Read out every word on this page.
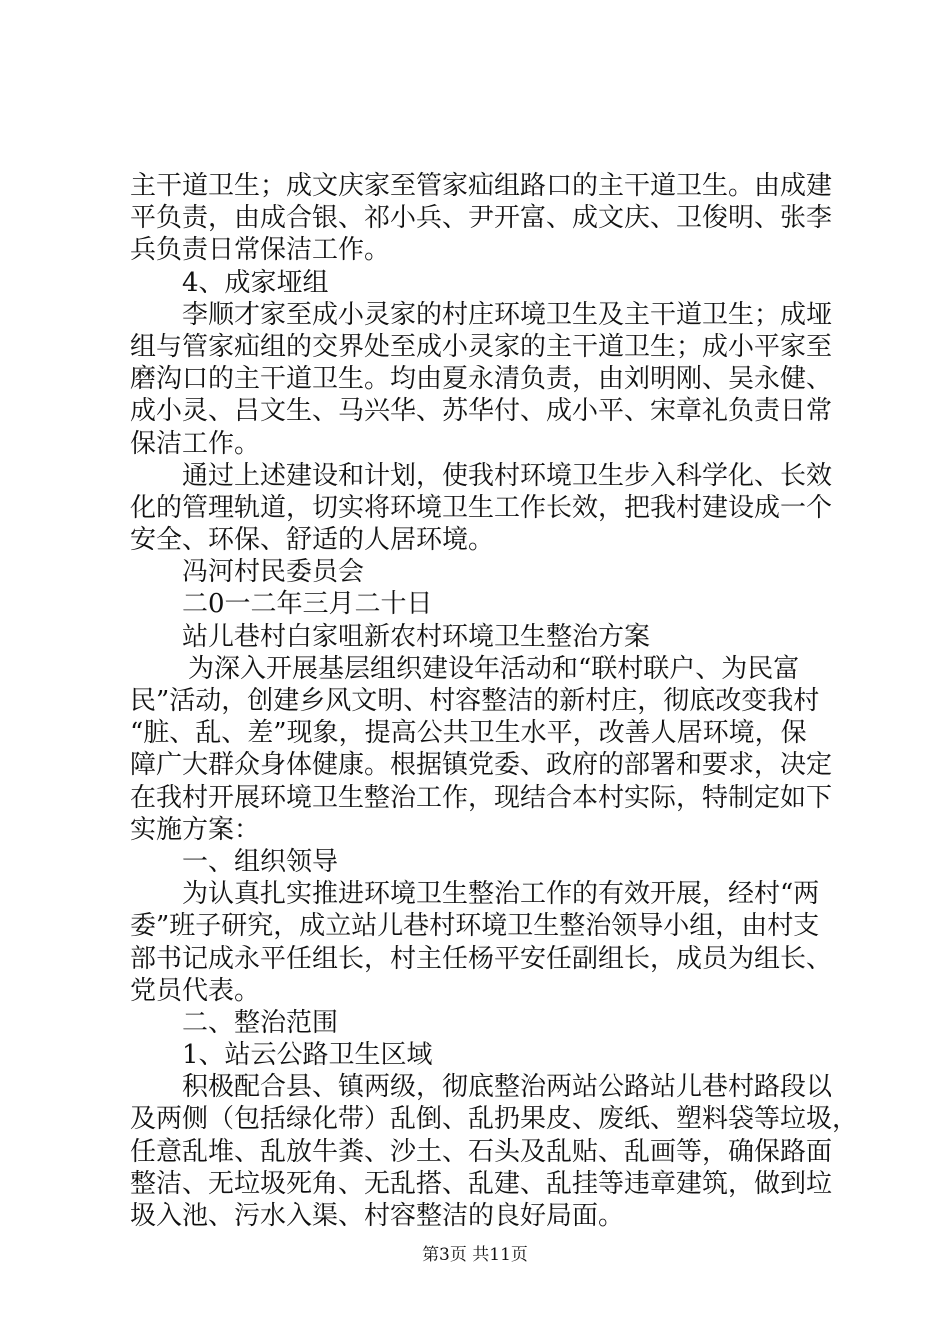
主干道卫生；成文庆家至管家疝组路口的主干道卫生。由成建
平负责，由成合银、祁小兵、尹开富、成文庆、卫俊明、张李
兵负责日常保洁工作。
4、成家垭组
李顺才家至成小灵家的村庄环境卫生及主干道卫生；成垭
组与管家疝组的交界处至成小灵家的主干道卫生；成小平家至
磨沟口的主干道卫生。均由夏永清负责，由刘明刚、吴永健、
成小灵、吕文生、马兴华、苏华付、成小平、宋章礼负责日常
保洁工作。
通过上述建设和计划，使我村环境卫生步入科学化、长效
化的管理轨道，切实将环境卫生工作长效，把我村建设成一个
安全、环保、舒适的人居环境。
冯河村民委员会
二0一二年三月二十日
站儿巷村白家咀新农村环境卫生整治方案
为深入开展基层组织建设年活动和“联村联户、为民富
民”活动，创建乡风文明、村容整洁的新村庄，彻底改变我村
“脏、乱、差”现象，提高公共卫生水平，改善人居环境，保
障广大群众身体健康。根据镇党委、政府的部署和要求，决定
在我村开展环境卫生整治工作，现结合本村实际，特制定如下
实施方案：
一、组织领导
为认真扎实推进环境卫生整治工作的有效开展，经村“两
委”班子研究，成立站儿巷村环境卫生整治领导小组，由村支
部书记成永平任组长，村主任杨平安任副组长，成员为组长、
党员代表。
二、整治范围
1、站云公路卫生区域
积极配合县、镇两级，彻底整治两站公路站儿巷村路段以
及两侧（包括绿化带）乱倒、乱扔果皮、废纸、塑料袋等垃圾，
任意乱堆、乱放牛粪、沙土、石头及乱贴、乱画等，确保路面
整洁、无垃圾死角、无乱搭、乱建、乱挂等违章建筑，做到垃
圾入池、污水入渠、村容整洁的良好局面。
第3页 共11页
